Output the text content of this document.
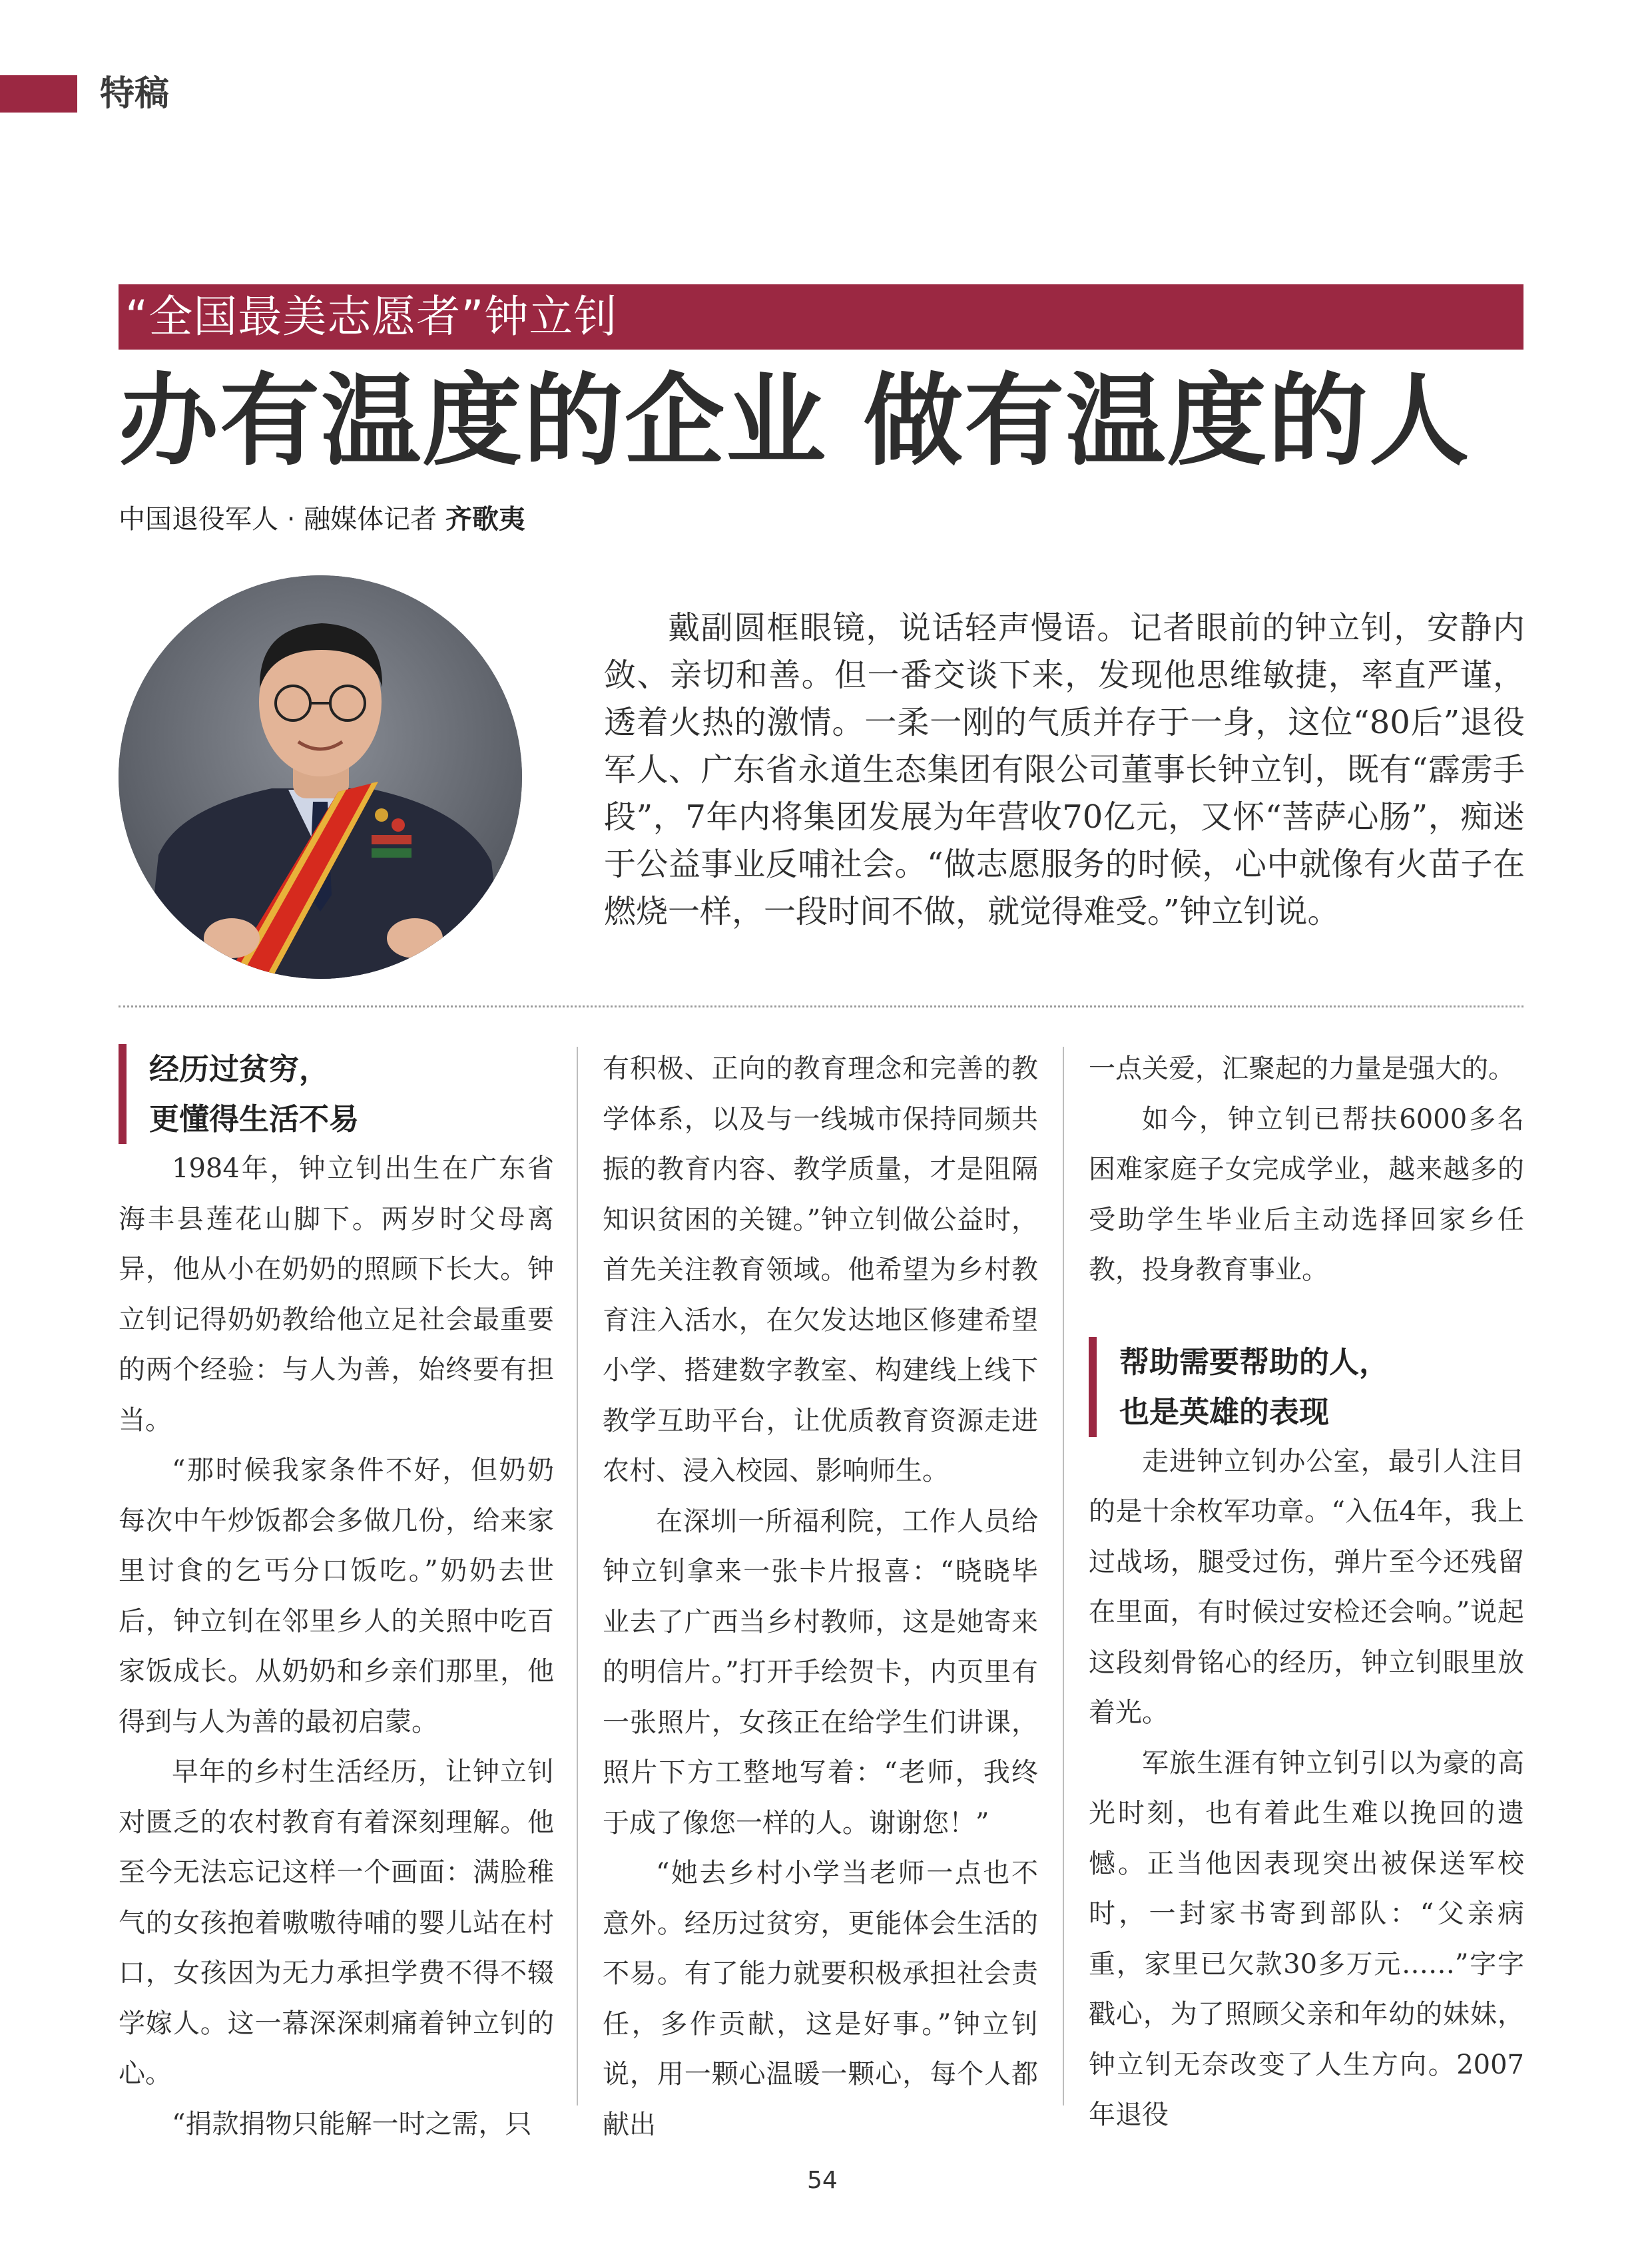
特稿
“全国最美志愿者”钟立钊
办有温度的企业 做有温度的人
中国退役军人 · 融媒体记者 齐歌夷

戴副圆框眼镜，说话轻声慢语。记者眼前的钟立钊，安静内敛、亲切和善。但一番交谈下来，发现他思维敏捷，率直严谨，透着火热的激情。一柔一刚的气质并存于一身，这位“80后”退役军人、广东省永道生态集团有限公司董事长钟立钊，既有“霹雳手段”，7年内将集团发展为年营收70亿元，又怀“菩萨心肠”，痴迷于公益事业反哺社会。“做志愿服务的时候，心中就像有火苗子在燃烧一样，一段时间不做，就觉得难受。”钟立钊说。

经历过贫穷，
更懂得生活不易

1984年，钟立钊出生在广东省海丰县莲花山脚下。两岁时父母离异，他从小在奶奶的照顾下长大。钟立钊记得奶奶教给他立足社会最重要的两个经验：与人为善，始终要有担当。

“那时候我家条件不好，但奶奶每次中午炒饭都会多做几份，给来家里讨食的乞丐分口饭吃。”奶奶去世后，钟立钊在邻里乡人的关照中吃百家饭成长。从奶奶和乡亲们那里，他得到与人为善的最初启蒙。

早年的乡村生活经历，让钟立钊对匮乏的农村教育有着深刻理解。他至今无法忘记这样一个画面：满脸稚气的女孩抱着嗷嗷待哺的婴儿站在村口，女孩因为无力承担学费不得不辍学嫁人。这一幕深深刺痛着钟立钊的心。

“捐款捐物只能解一时之需，只

有积极、正向的教育理念和完善的教学体系，以及与一线城市保持同频共振的教育内容、教学质量，才是阻隔知识贫困的关键。”钟立钊做公益时，首先关注教育领域。他希望为乡村教育注入活水，在欠发达地区修建希望小学、搭建数字教室、构建线上线下教学互助平台，让优质教育资源走进农村、浸入校园、影响师生。

在深圳一所福利院，工作人员给钟立钊拿来一张卡片报喜：“晓晓毕业去了广西当乡村教师，这是她寄来的明信片。”打开手绘贺卡，内页里有一张照片，女孩正在给学生们讲课，照片下方工整地写着：“老师，我终于成了像您一样的人。谢谢您！”

“她去乡村小学当老师一点也不意外。经历过贫穷，更能体会生活的不易。有了能力就要积极承担社会责任，多作贡献，这是好事。”钟立钊说，用一颗心温暖一颗心，每个人都献出

一点关爱，汇聚起的力量是强大的。

如今，钟立钊已帮扶6000多名困难家庭子女完成学业，越来越多的受助学生毕业后主动选择回家乡任教，投身教育事业。

帮助需要帮助的人，
也是英雄的表现

走进钟立钊办公室，最引人注目的是十余枚军功章。“入伍4年，我上过战场，腿受过伤，弹片至今还残留在里面，有时候过安检还会响。”说起这段刻骨铭心的经历，钟立钊眼里放着光。

军旅生涯有钟立钊引以为豪的高光时刻，也有着此生难以挽回的遗憾。正当他因表现突出被保送军校时，一封家书寄到部队：“父亲病重，家里已欠款30多万元……”字字戳心，为了照顾父亲和年幼的妹妹，钟立钊无奈改变了人生方向。2007年退役

54
